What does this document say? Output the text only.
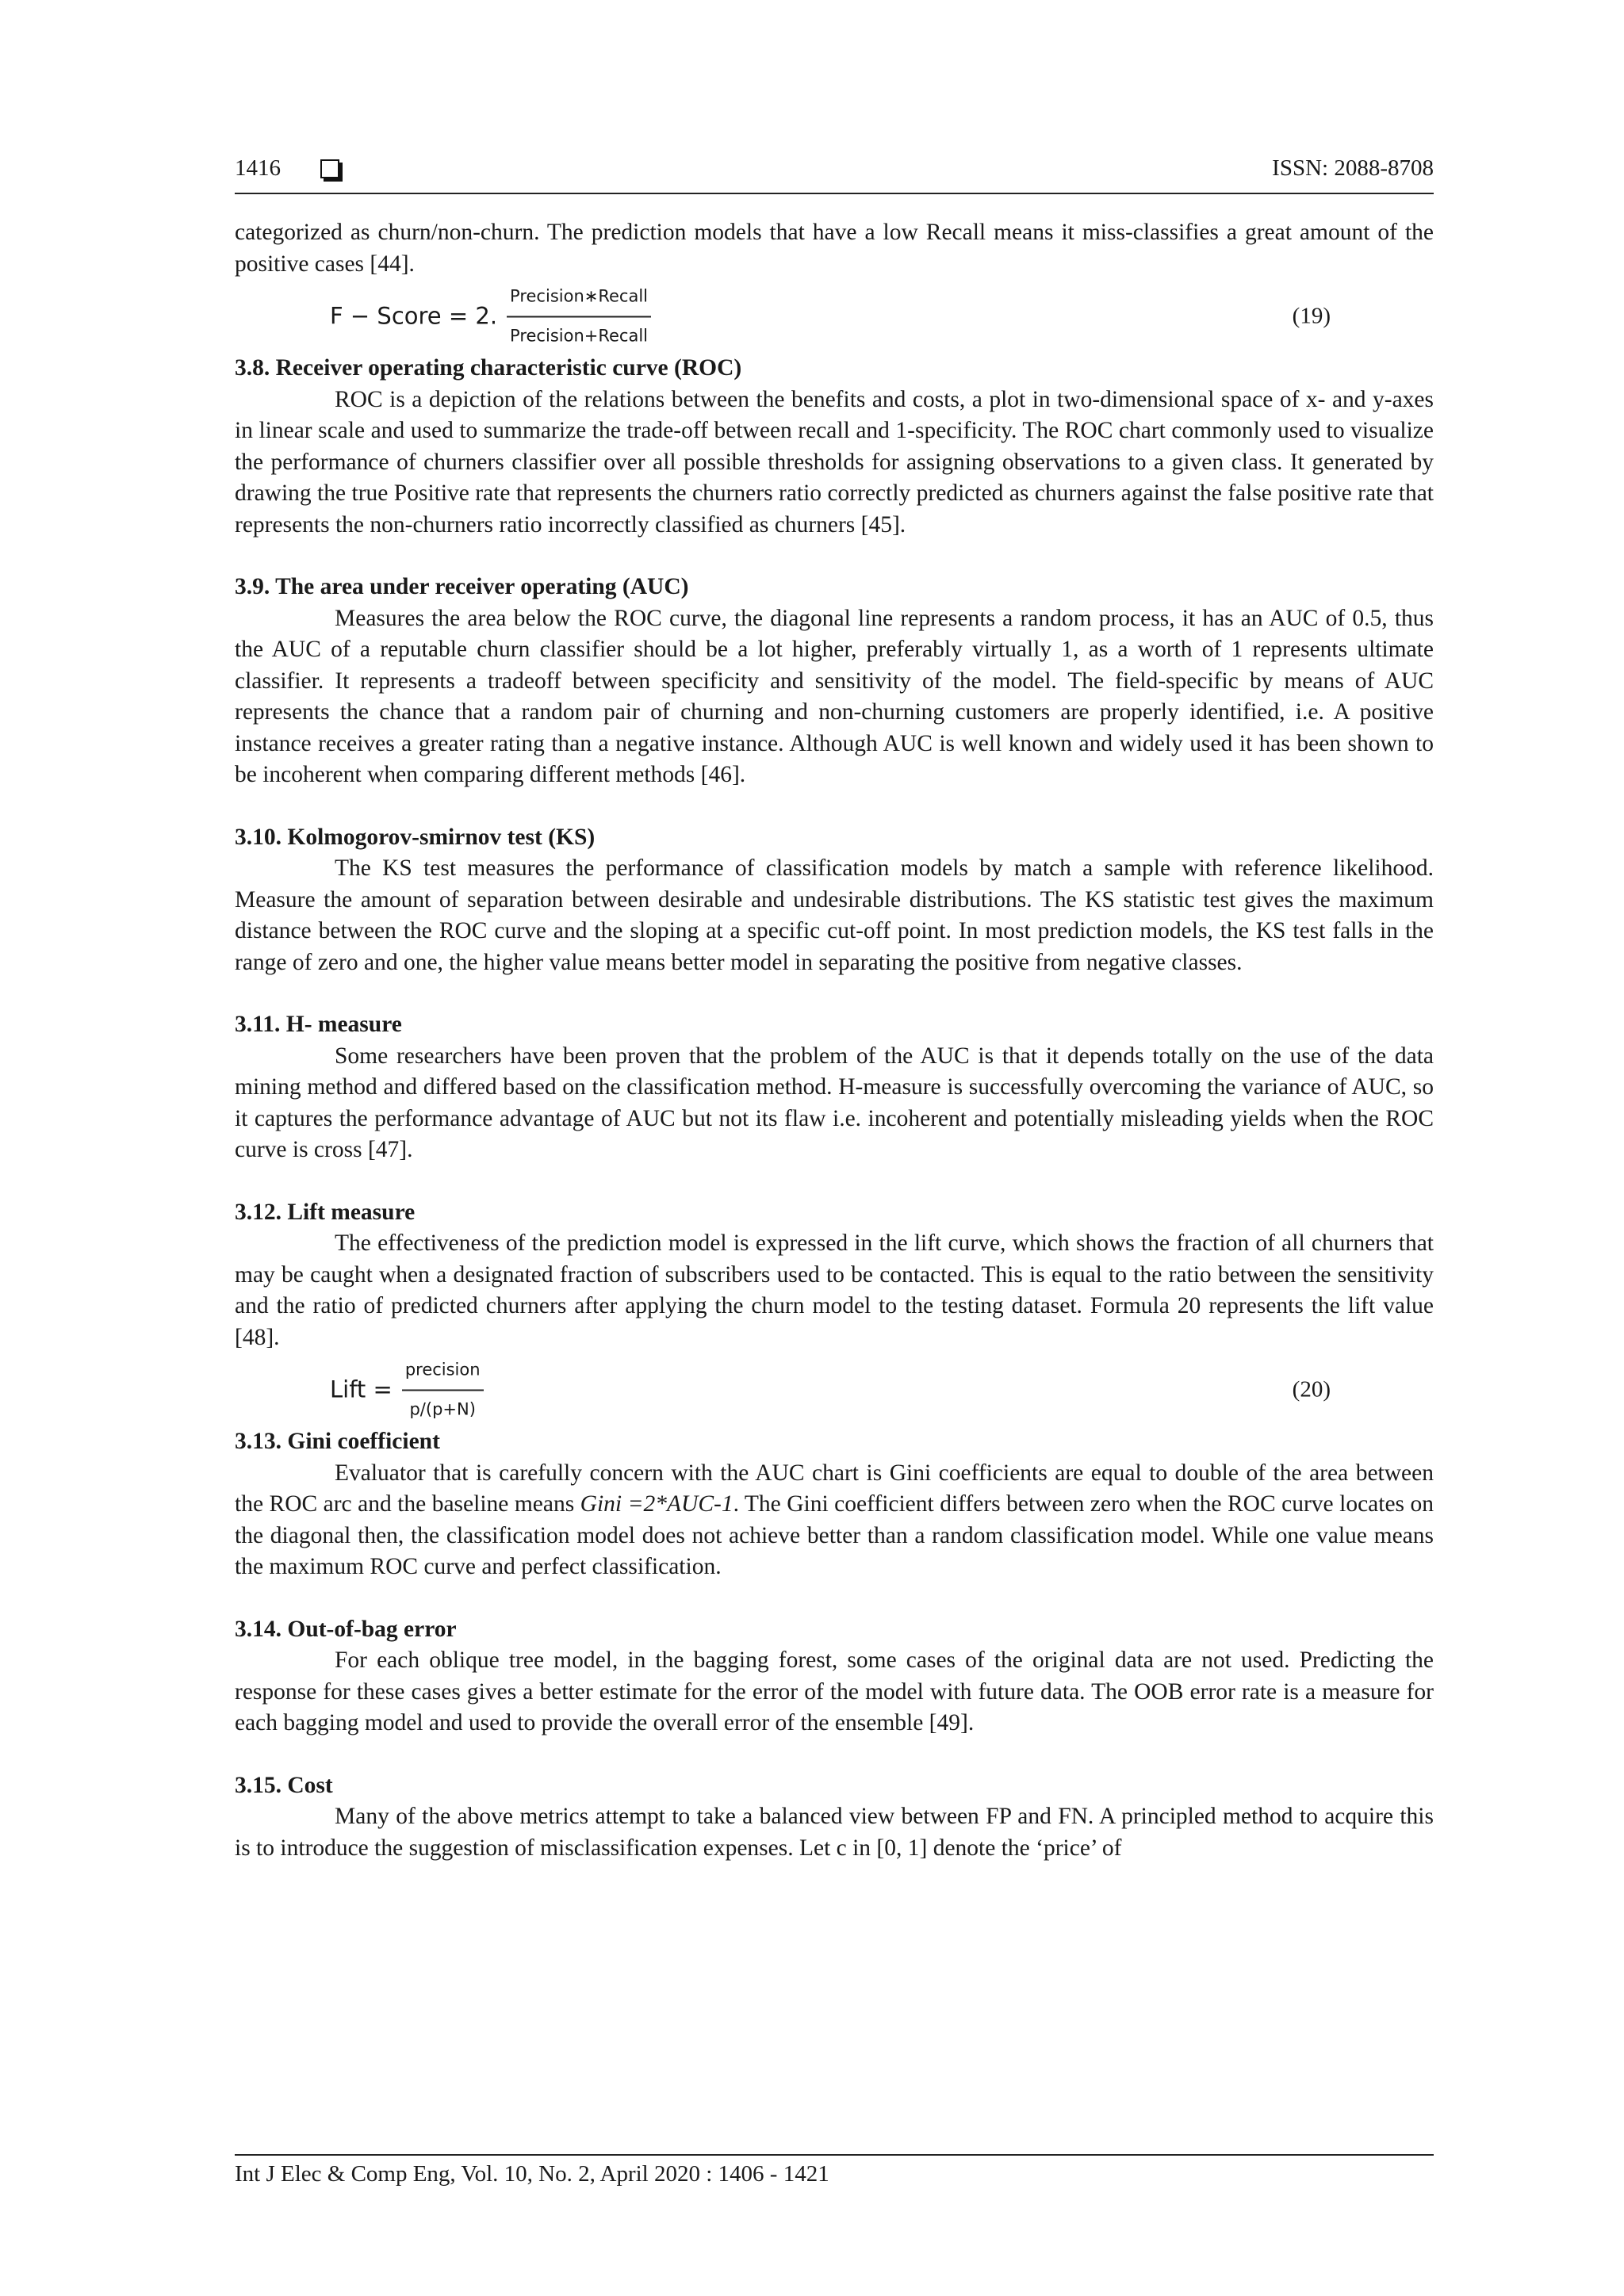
1416	ISSN: 2088-8708

categorized as churn/non-churn. The prediction models that have a low Recall means it miss-classifies a great amount of the positive cases [44].

F − Score = 2. $\frac{\text{Precision∗Recall}}{\text{Precision+Recall}}$	(19)

3.8. Receiver operating characteristic curve (ROC)

ROC is a depiction of the relations between the benefits and costs, a plot in two-dimensional space of x- and y-axes in linear scale and used to summarize the trade-off between recall and 1-specificity. The ROC chart commonly used to visualize the performance of churners classifier over all possible thresholds for assigning observations to a given class. It generated by drawing the true Positive rate that represents the churners ratio correctly predicted as churners against the false positive rate that represents the non-churners ratio incorrectly classified as churners [45].

3.9. The area under receiver operating (AUC)

Measures the area below the ROC curve, the diagonal line represents a random process, it has an AUC of 0.5, thus the AUC of a reputable churn classifier should be a lot higher, preferably virtually 1, as a worth of 1 represents ultimate classifier. It represents a tradeoff between specificity and sensitivity of the model. The field-specific by means of AUC represents the chance that a random pair of churning and non-churning customers are properly identified, i.e. A positive instance receives a greater rating than a negative instance. Although AUC is well known and widely used it has been shown to be incoherent when comparing different methods [46].

3.10. Kolmogorov-smirnov test (KS)

The KS test measures the performance of classification models by match a sample with reference likelihood. Measure the amount of separation between desirable and undesirable distributions. The KS statistic test gives the maximum distance between the ROC curve and the sloping at a specific cut-off point. In most prediction models, the KS test falls in the range of zero and one, the higher value means better model in separating the positive from negative classes.

3.11. H- measure

Some researchers have been proven that the problem of the AUC is that it depends totally on the use of the data mining method and differed based on the classification method. H-measure is successfully overcoming the variance of AUC, so it captures the performance advantage of AUC but not its flaw i.e. incoherent and potentially misleading yields when the ROC curve is cross [47].

3.12. Lift measure

The effectiveness of the prediction model is expressed in the lift curve, which shows the fraction of all churners that may be caught when a designated fraction of subscribers used to be contacted. This is equal to the ratio between the sensitivity and the ratio of predicted churners after applying the churn model to the testing dataset. Formula 20 represents the lift value [48].

Lift = $\frac{\text{precision}}{p/(p+N)}$	(20)

3.13. Gini coefficient

Evaluator that is carefully concern with the AUC chart is Gini coefficients are equal to double of the area between the ROC arc and the baseline means Gini =2*AUC-1. The Gini coefficient differs between zero when the ROC curve locates on the diagonal then, the classification model does not achieve better than a random classification model. While one value means the maximum ROC curve and perfect classification.

3.14. Out-of-bag error

For each oblique tree model, in the bagging forest, some cases of the original data are not used. Predicting the response for these cases gives a better estimate for the error of the model with future data. The OOB error rate is a measure for each bagging model and used to provide the overall error of the ensemble [49].

3.15. Cost

Many of the above metrics attempt to take a balanced view between FP and FN. A principled method to acquire this is to introduce the suggestion of misclassification expenses. Let c in [0, 1] denote the ‘price’ of

Int J Elec & Comp Eng, Vol. 10, No. 2, April 2020 : 1406 - 1421
